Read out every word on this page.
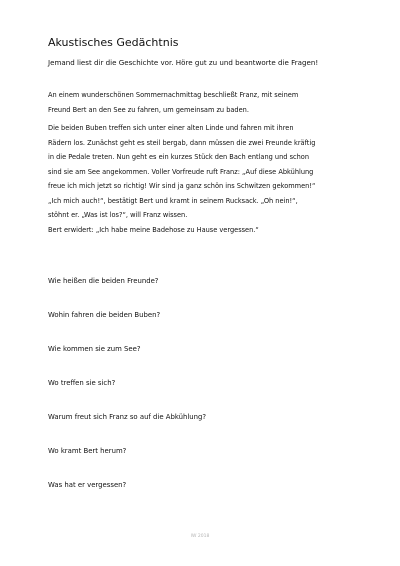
Akustisches Gedächtnis
Jemand liest dir die Geschichte vor. Höre gut zu und beantworte die Fragen!
An einem wunderschönen Sommernachmittag beschließt Franz, mit seinem
Freund Bert an den See zu fahren, um gemeinsam zu baden.
Die beiden Buben treffen sich unter einer alten Linde und fahren mit ihren
Rädern los. Zunächst geht es steil bergab, dann müssen die zwei Freunde kräftig
in die Pedale treten. Nun geht es ein kurzes Stück den Bach entlang und schon
sind sie am See angekommen. Voller Vorfreude ruft Franz: „Auf diese Abkühlung
freue ich mich jetzt so richtig! Wir sind ja ganz schön ins Schwitzen gekommen!“
„Ich mich auch!“, bestätigt Bert und kramt in seinem Rucksack. „Oh nein!“,
stöhnt er. „Was ist los?“, will Franz wissen.
Bert erwidert: „Ich habe meine Badehose zu Hause vergessen.“
Wie heißen die beiden Freunde?
Wohin fahren die beiden Buben?
Wie kommen sie zum See?
Wo treffen sie sich?
Warum freut sich Franz so auf die Abkühlung?
Wo kramt Bert herum?
Was hat er vergessen?
IW 2018
